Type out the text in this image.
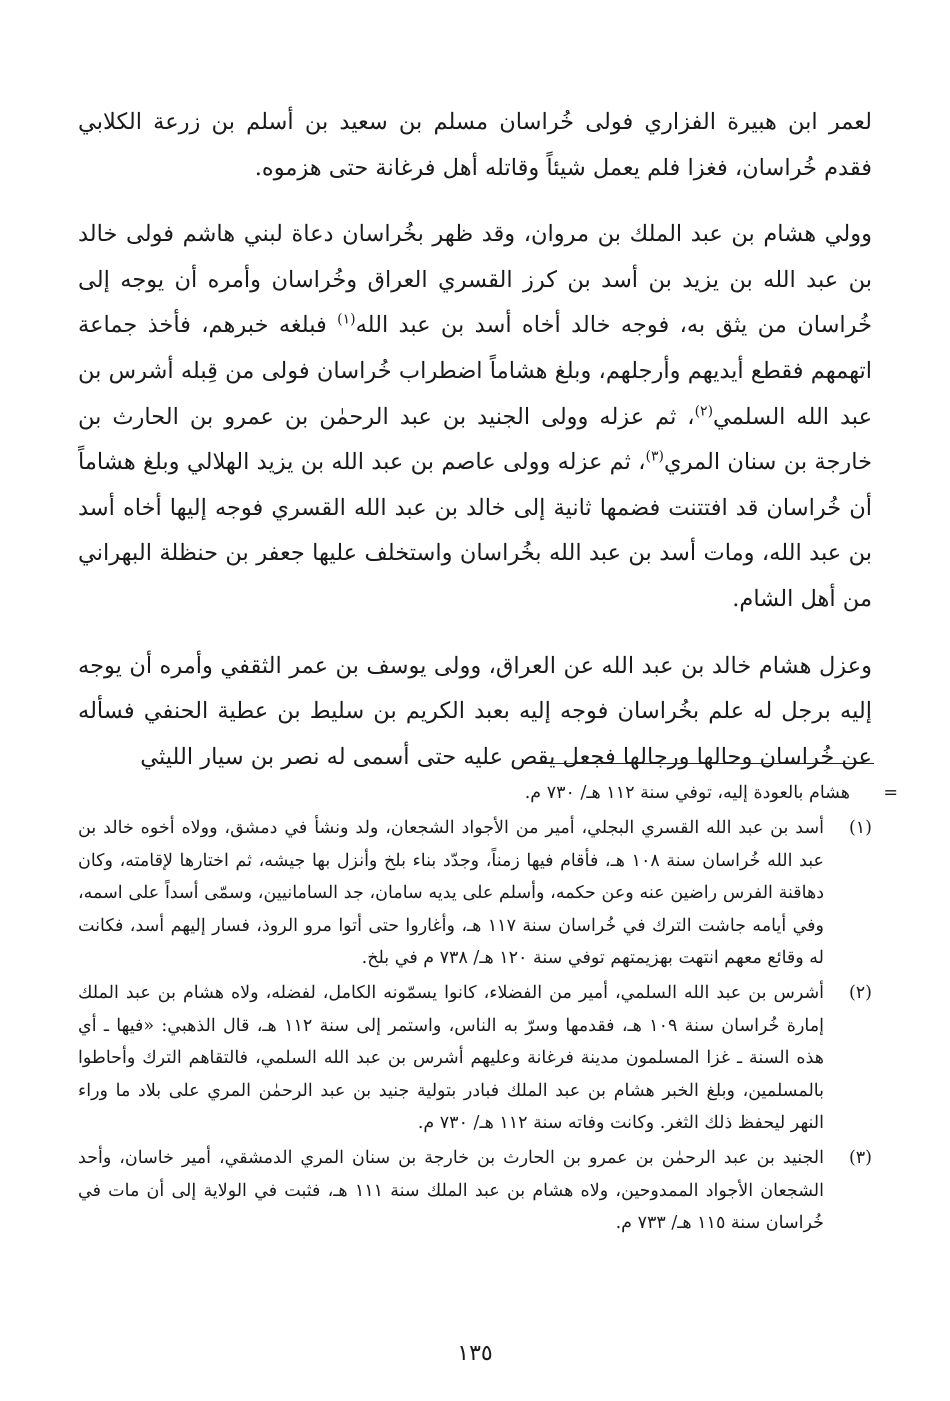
لعمر ابن هبيرة الفزاري فولى خُراسان مسلم بن سعيد بن أسلم بن زرعة الكلابي فقدم خُراسان، فغزا فلم يعمل شيئاً وقاتله أهل فرغانة حتى هزموه.

وولي هشام بن عبد الملك بن مروان، وقد ظهر بخُراسان دعاة لبني هاشم فولى خالد بن عبد الله بن يزيد بن أسد بن كرز القسري العراق وخُراسان وأمره أن يوجه إلى خُراسان من يثق به، فوجه خالد أخاه أسد بن عبد الله$^{(١)}$ فبلغه خبرهم، فأخذ جماعة اتهمهم فقطع أيديهم وأرجلهم، وبلغ هشاماً اضطراب خُراسان فولى من قِبله أشرس بن عبد الله السلمي$^{(٢)}$، ثم عزله وولى الجنيد بن عبد الرحمٰن بن عمرو بن الحارث بن خارجة بن سنان المري$^{(٣)}$، ثم عزله وولى عاصم بن عبد الله بن يزيد الهلالي وبلغ هشاماً أن خُراسان قد افتتنت فضمها ثانية إلى خالد بن عبد الله القسري فوجه إليها أخاه أسد بن عبد الله، ومات أسد بن عبد الله بخُراسان واستخلف عليها جعفر بن حنظلة البهراني من أهل الشام.

وعزل هشام خالد بن عبد الله عن العراق، وولى يوسف بن عمر الثقفي وأمره أن يوجه إليه برجل له علم بخُراسان فوجه إليه بعبد الكريم بن سليط بن عطية الحنفي فسأله عن خُراسان وحالها ورجالها فجعل يقص عليه حتى أسمى له نصر بن سيار الليثي

=
هشام بالعودة إليه، توفي سنة ١١٢ هـ/ ٧٣٠ م.
(١)
أسد بن عبد الله القسري البجلي، أمير من الأجواد الشجعان، ولد ونشأ في دمشق، وولاه أخوه خالد بن عبد الله خُراسان سنة ١٠٨ هـ، فأقام فيها زمناً، وجدّد بناء بلخ وأنزل بها جيشه، ثم اختارها لإقامته، وكان دهاقنة الفرس راضين عنه وعن حكمه، وأسلم على يديه سامان، جد السامانيين، وسمّى أسداً على اسمه، وفي أيامه جاشت الترك في خُراسان سنة ١١٧ هـ، وأغاروا حتى أتوا مرو الروذ، فسار إليهم أسد، فكانت له وقائع معهم انتهت بهزيمتهم توفي سنة ١٢٠ هـ/ ٧٣٨ م في بلخ.
(٢)
أشرس بن عبد الله السلمي، أمير من الفضلاء، كانوا يسمّونه الكامل، لفضله، ولاه هشام بن عبد الملك إمارة خُراسان سنة ١٠٩ هـ، فقدمها وسرّ به الناس، واستمر إلى سنة ١١٢ هـ، قال الذهبي: «فيها ـ أي هذه السنة ـ غزا المسلمون مدينة فرغانة وعليهم أشرس بن عبد الله السلمي، فالتقاهم الترك وأحاطوا بالمسلمين، وبلغ الخبر هشام بن عبد الملك فبادر بتولية جنيد بن عبد الرحمٰن المري على بلاد ما وراء النهر ليحفظ ذلك الثغر. وكانت وفاته سنة ١١٢ هـ/ ٧٣٠ م.
(٣)
الجنيد بن عبد الرحمٰن بن عمرو بن الحارث بن خارجة بن سنان المري الدمشقي، أمير خاسان، وأحد الشجعان الأجواد الممدوحين، ولاه هشام بن عبد الملك سنة ١١١ هـ، فثبت في الولاية إلى أن مات في خُراسان سنة ١١٥ هـ/ ٧٣٣ م.
١٣٥
